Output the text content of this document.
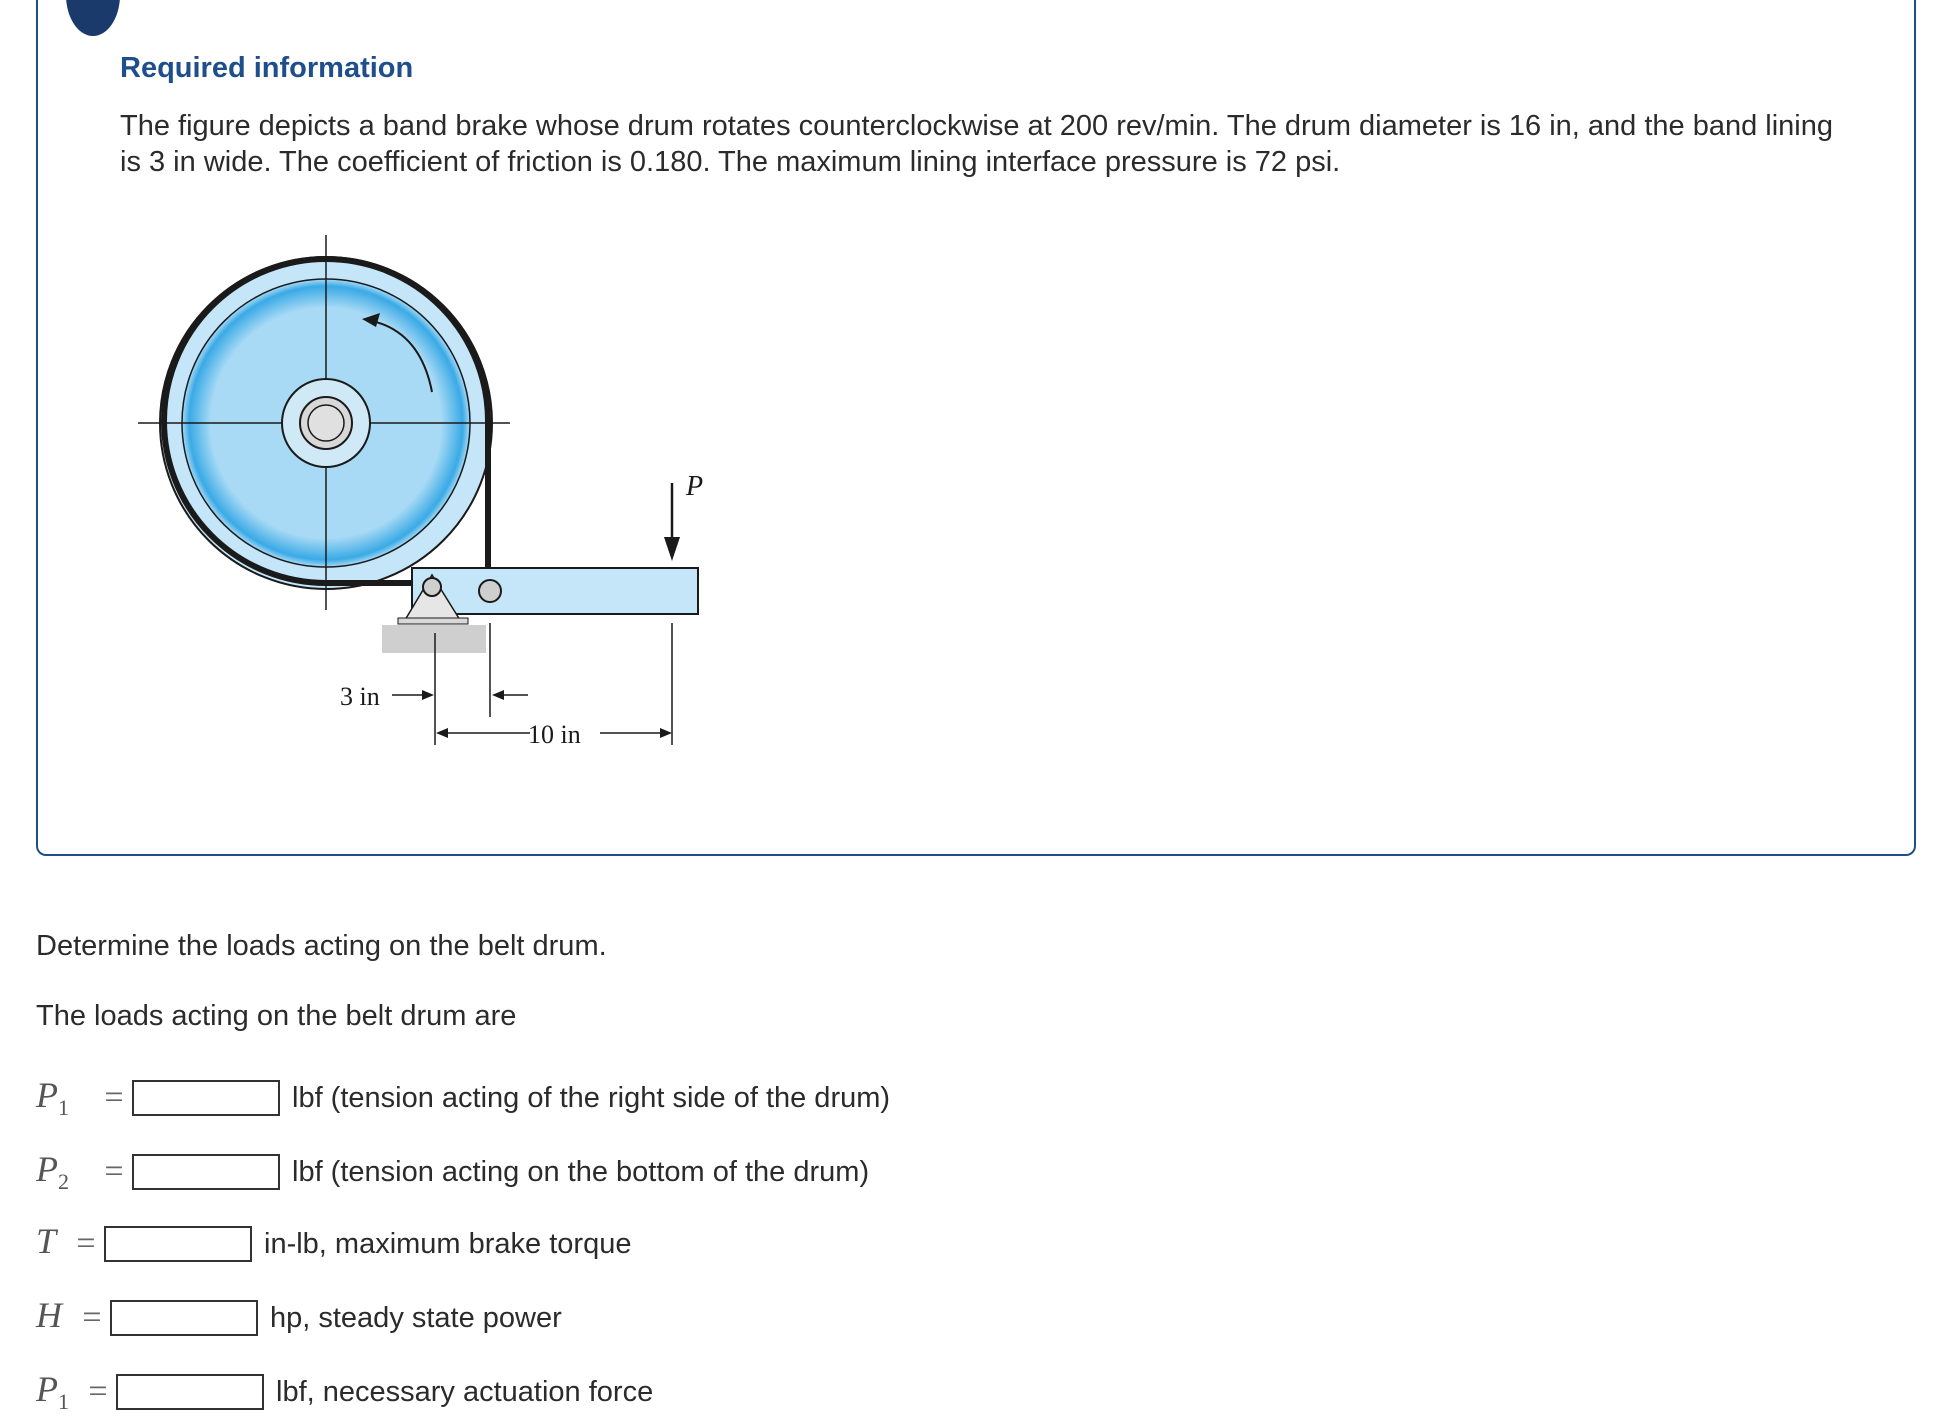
Required information
The figure depicts a band brake whose drum rotates counterclockwise at 200 rev/min. The drum diameter is 16 in, and the band lining is 3 in wide. The coefficient of friction is 0.180. The maximum lining interface pressure is 72 psi.
P
3 in
10 in
Determine the loads acting on the belt drum.
The loads acting on the belt drum are
$P_1$	=	lbf (tension acting of the right side of the drum)
$P_2$	=	lbf (tension acting on the bottom of the drum)
T =	in-lb, maximum brake torque
H =	hp, steady state power
$P_1$ =	lbf, necessary actuation force
